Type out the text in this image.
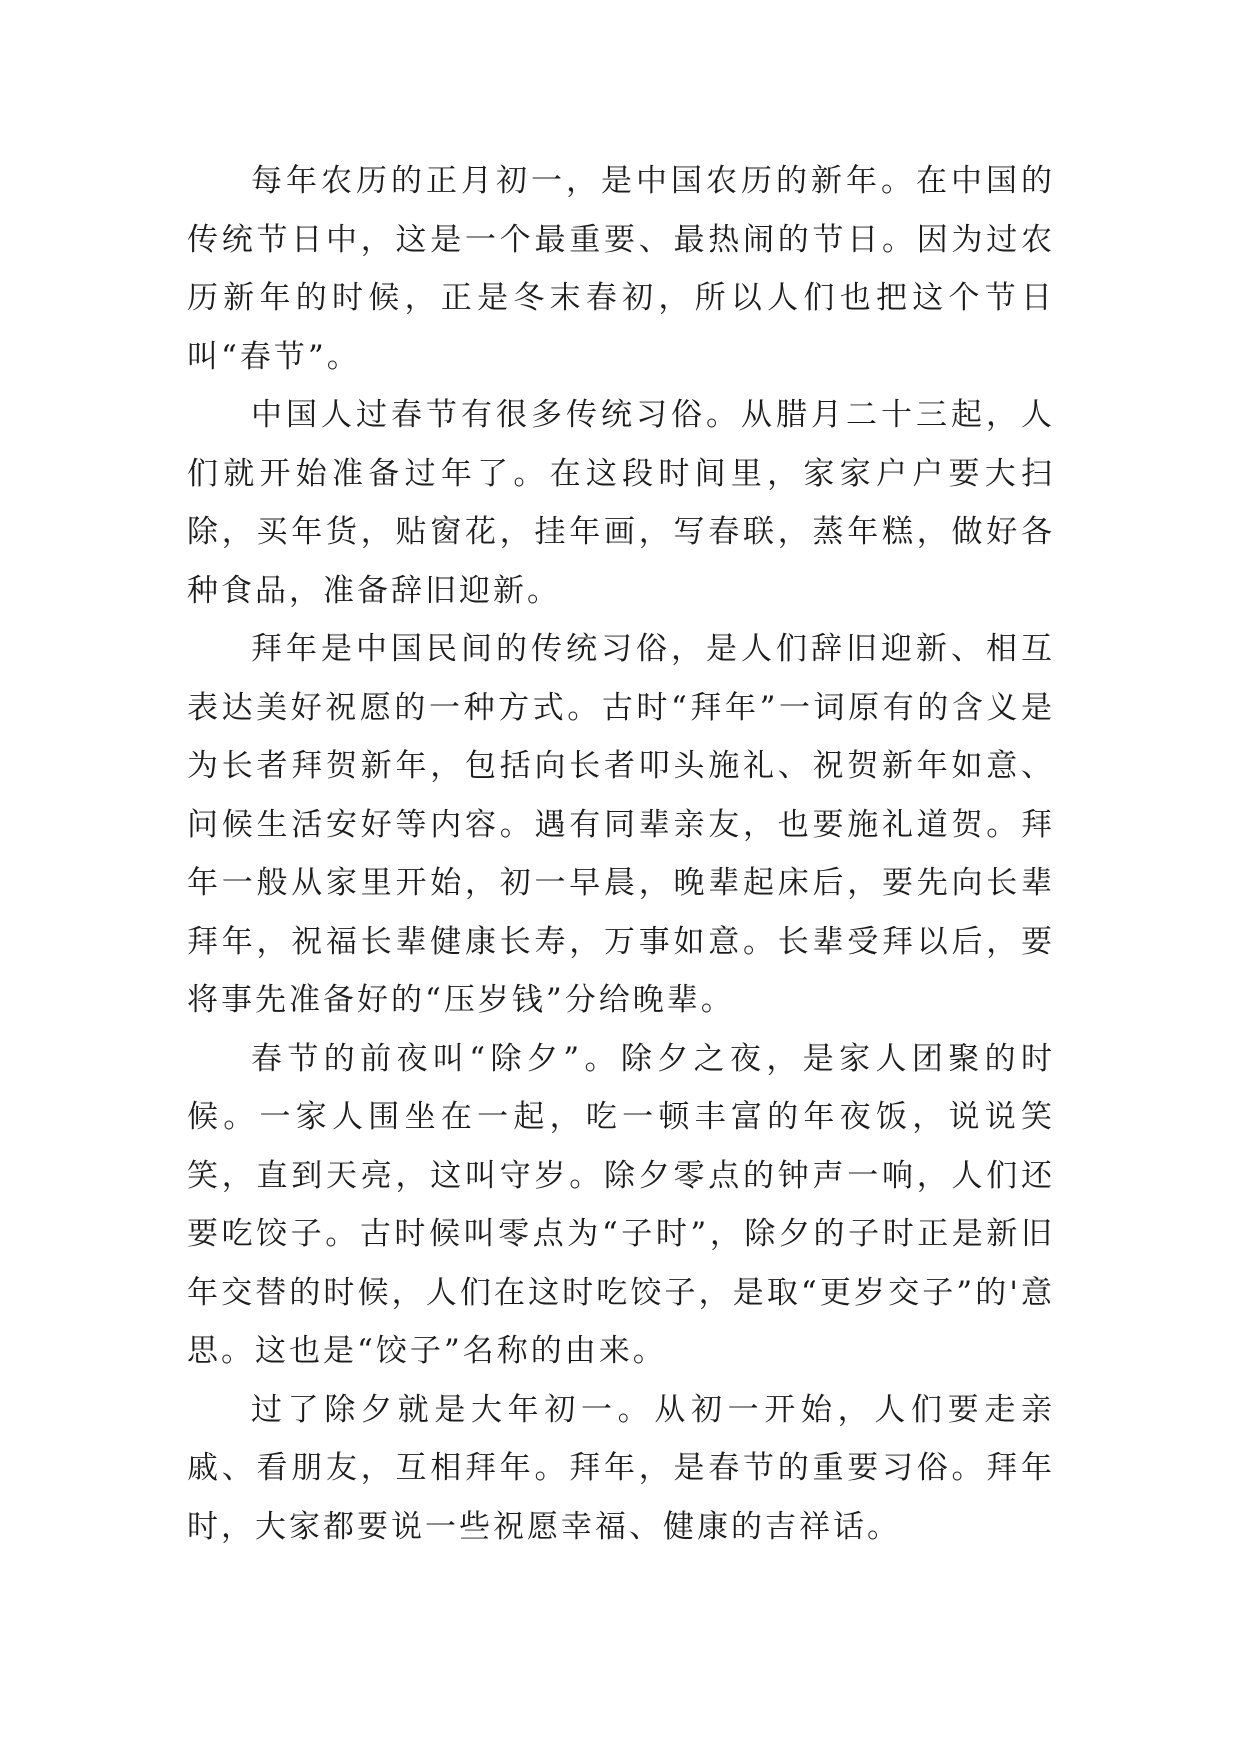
每年农历的正月初一，是中国农历的新年。在中国的传统节日中，这是一个最重要、最热闹的节日。因为过农历新年的时候，正是冬末春初，所以人们也把这个节日叫“春节”。

中国人过春节有很多传统习俗。从腊月二十三起，人们就开始准备过年了。在这段时间里，家家户户要大扫除，买年货，贴窗花，挂年画，写春联，蒸年糕，做好各种食品，准备辞旧迎新。

拜年是中国民间的传统习俗，是人们辞旧迎新、相互表达美好祝愿的一种方式。古时“拜年”一词原有的含义是为长者拜贺新年，包括向长者叩头施礼、祝贺新年如意、问候生活安好等内容。遇有同辈亲友，也要施礼道贺。拜年一般从家里开始，初一早晨，晚辈起床后，要先向长辈拜年，祝福长辈健康长寿，万事如意。长辈受拜以后，要将事先准备好的“压岁钱”分给晚辈。

春节的前夜叫“除夕”。除夕之夜，是家人团聚的时候。一家人围坐在一起，吃一顿丰富的年夜饭，说说笑笑，直到天亮，这叫守岁。除夕零点的钟声一响，人们还要吃饺子。古时候叫零点为“子时”，除夕的子时正是新旧年交替的时候，人们在这时吃饺子，是取“更岁交子”的'意思。这也是“饺子”名称的由来。

过了除夕就是大年初一。从初一开始，人们要走亲戚、看朋友，互相拜年。拜年，是春节的重要习俗。拜年时，大家都要说一些祝愿幸福、健康的吉祥话。
